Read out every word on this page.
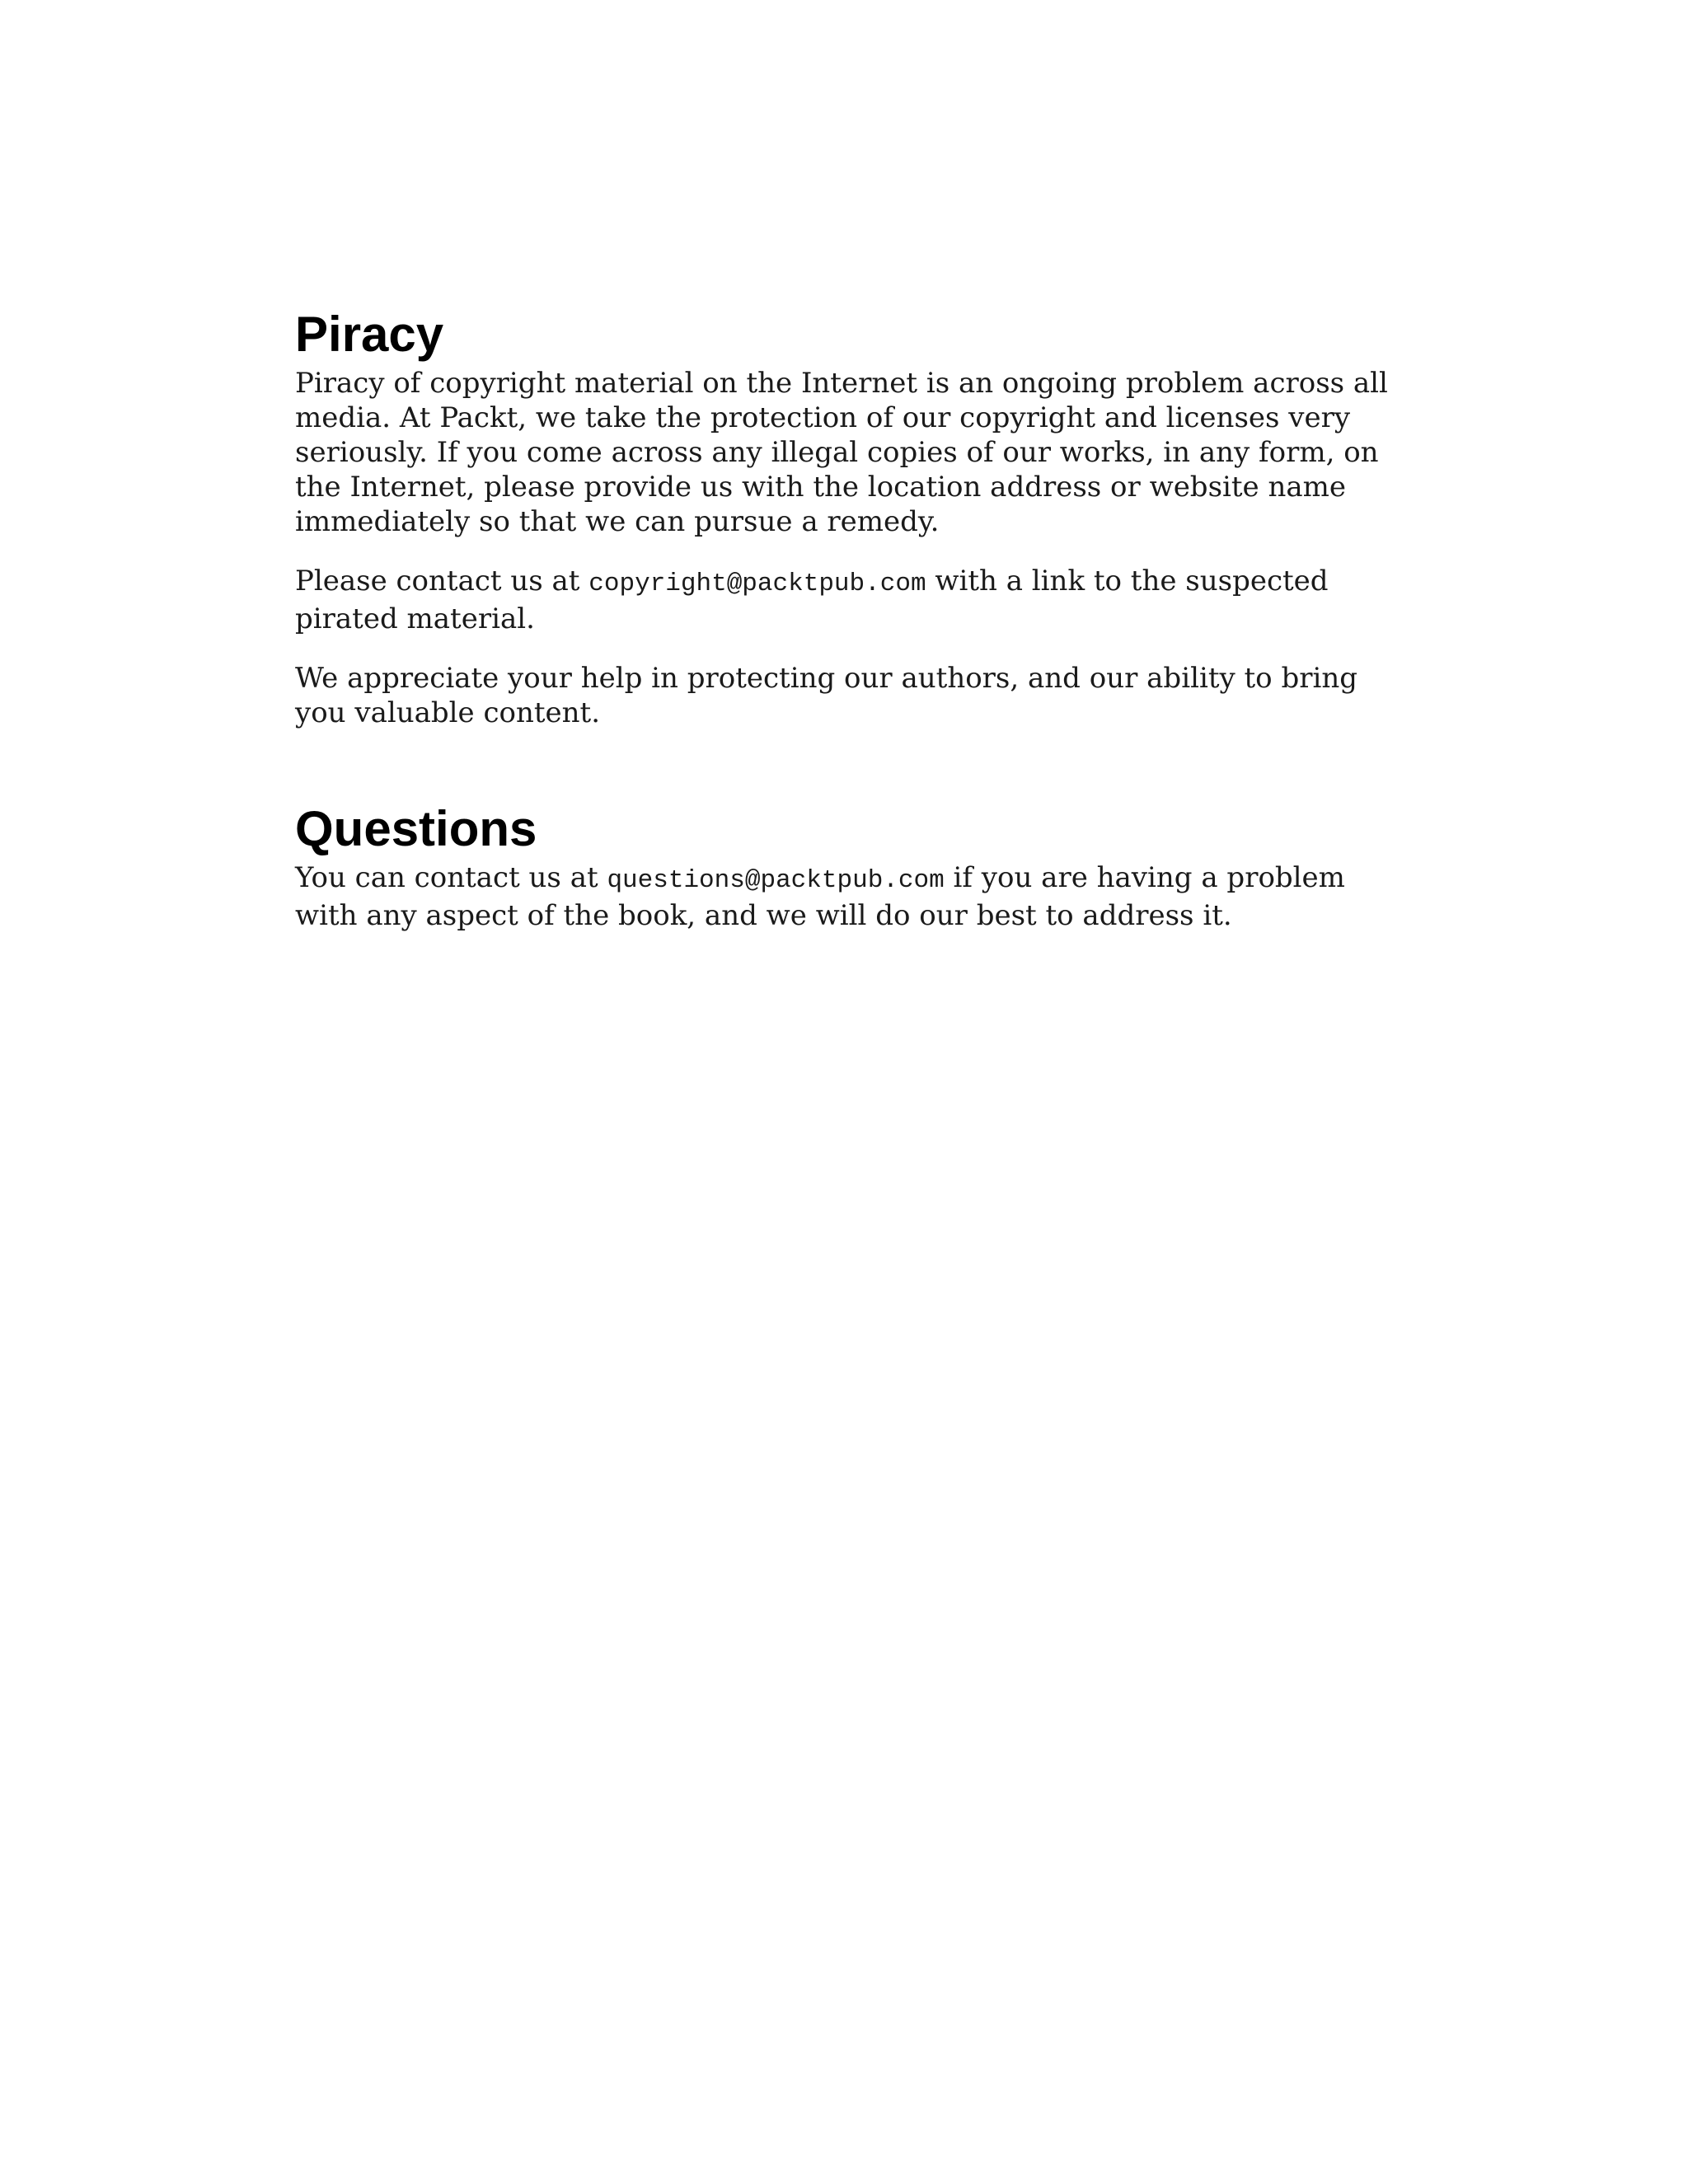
Piracy

Piracy of copyright material on the Internet is an ongoing problem across all media. At Packt, we take the protection of our copyright and licenses very seriously. If you come across any illegal copies of our works, in any form, on the Internet, please provide us with the location address or website name immediately so that we can pursue a remedy.

Please contact us at copyright@packtpub.com with a link to the suspected pirated material.

We appreciate your help in protecting our authors, and our ability to bring you valuable content.

Questions

You can contact us at questions@packtpub.com if you are having a problem with any aspect of the book, and we will do our best to address it.
